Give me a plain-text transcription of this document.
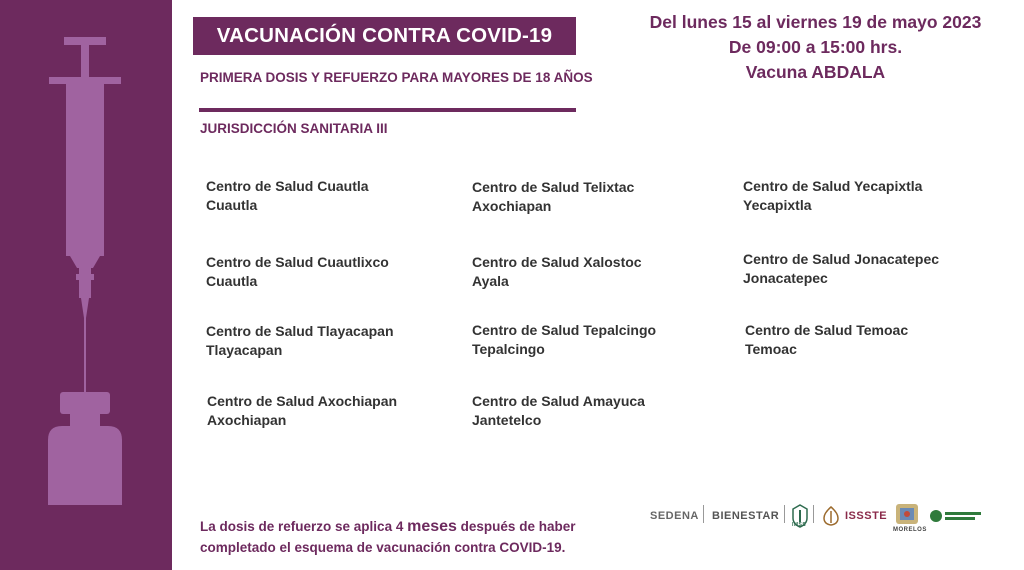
VACUNACIÓN CONTRA COVID-19
PRIMERA DOSIS Y REFUERZO PARA MAYORES DE 18 AÑOS
JURISDICCIÓN SANITARIA III
Del lunes 15 al viernes 19 de mayo 2023
De 09:00 a 15:00 hrs.
Vacuna ABDALA
Centro de Salud Cuautla
Cuautla
Centro de Salud Cuautlixco
Cuautla
Centro de Salud Tlayacapan
Tlayacapan
Centro de Salud Axochiapan
Axochiapan
Centro de Salud Telixtac
Axochiapan
Centro de Salud Xalostoc
Ayala
Centro de Salud Tepalcingo
Tepalcingo
Centro de Salud Amayuca
Jantetelco
Centro de Salud Yecapixtla
Yecapixtla
Centro de Salud Jonacatepec
Jonacatepec
Centro de Salud Temoac
Temoac
La dosis de refuerzo se aplica 4 meses después de haber
completado el esquema de vacunación contra COVID-19.
SEDENA BIENESTAR
IMSS
ISSSTE
MORELOS
